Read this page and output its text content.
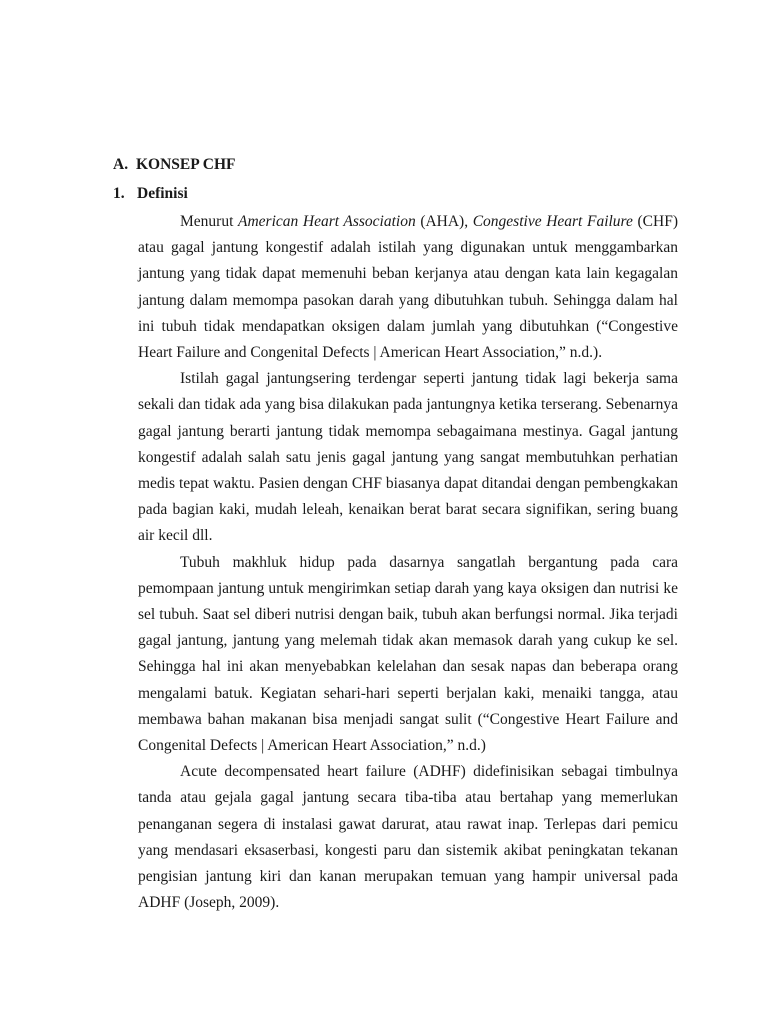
A. KONSEP CHF
1. Definisi

Menurut American Heart Association (AHA), Congestive Heart Failure (CHF) atau gagal jantung kongestif adalah istilah yang digunakan untuk menggambarkan jantung yang tidak dapat memenuhi beban kerjanya atau dengan kata lain kegagalan jantung dalam memompa pasokan darah yang dibutuhkan tubuh. Sehingga dalam hal ini tubuh tidak mendapatkan oksigen dalam jumlah yang dibutuhkan (“Congestive Heart Failure and Congenital Defects | American Heart Association,” n.d.).

Istilah gagal jantungsering terdengar seperti jantung tidak lagi bekerja sama sekali dan tidak ada yang bisa dilakukan pada jantungnya ketika terserang. Sebenarnya gagal jantung berarti jantung tidak memompa sebagaimana mestinya. Gagal jantung kongestif adalah salah satu jenis gagal jantung yang sangat membutuhkan perhatian medis tepat waktu. Pasien dengan CHF biasanya dapat ditandai dengan pembengkakan pada bagian kaki, mudah leleah, kenaikan berat barat secara signifikan, sering buang air kecil dll.

Tubuh makhluk hidup pada dasarnya sangatlah bergantung pada cara pemompaan jantung untuk mengirimkan setiap darah yang kaya oksigen dan nutrisi ke sel tubuh. Saat sel diberi nutrisi dengan baik, tubuh akan berfungsi normal. Jika terjadi gagal jantung, jantung yang melemah tidak akan memasok darah yang cukup ke sel. Sehingga hal ini akan menyebabkan kelelahan dan sesak napas dan beberapa orang mengalami batuk. Kegiatan sehari-hari seperti berjalan kaki, menaiki tangga, atau membawa bahan makanan bisa menjadi sangat sulit (“Congestive Heart Failure and Congenital Defects | American Heart Association,” n.d.)

Acute decompensated heart failure (ADHF) didefinisikan sebagai timbulnya tanda atau gejala gagal jantung secara tiba-tiba atau bertahap yang memerlukan penanganan segera di instalasi gawat darurat, atau rawat inap. Terlepas dari pemicu yang mendasari eksaserbasi, kongesti paru dan sistemik akibat peningkatan tekanan pengisian jantung kiri dan kanan merupakan temuan yang hampir universal pada ADHF (Joseph, 2009).
